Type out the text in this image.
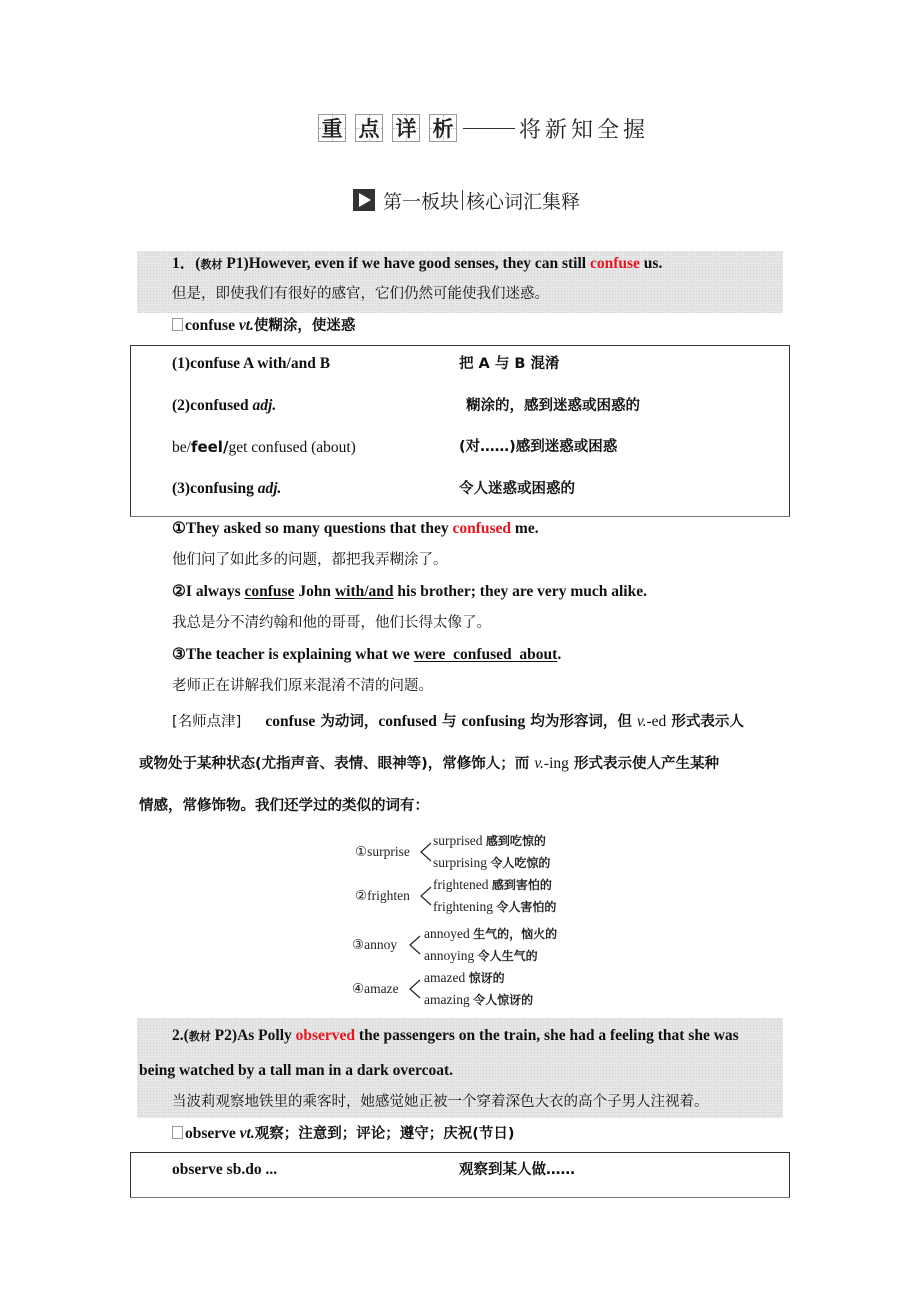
重 点 详 析	将新知全握
第一板块 核心词汇集释
1．(教材 P1)However, even if we have good senses, they can still confuse us.
但是，即使我们有很好的感官，它们仍然可能使我们迷惑。
confuse vt.使糊涂，使迷惑
(1)confuse A with/and B	把 A 与 B 混淆
(2)confused adj.	糊涂的，感到迷惑或困惑的
be/feel/get confused (about)	(对……)感到迷惑或困惑
(3)confusing adj.	令人迷惑或困惑的
①They asked so many questions that they confused me.
他们问了如此多的问题，都把我弄糊涂了。
②I always confuse John with/and his brother; they are very much alike.
我总是分不清约翰和他的哥哥，他们长得太像了。
③The teacher is explaining what we were  confused  about.
老师正在讲解我们原来混淆不清的问题。
[名师点津] confuse 为动词，confused 与 confusing 均为形容词，但 v.-ed 形式表示人
或物处于某种状态(尤指声音、表情、眼神等)，常修饰人；而 v.-ing 形式表示使人产生某种
情感，常修饰物。我们还学过的类似的词有：
①surprise
surprised 感到吃惊的
surprising 令人吃惊的
②frighten
frightened 感到害怕的
frightening 令人害怕的
③annoy
annoyed 生气的，恼火的
annoying 令人生气的
④amaze
amazed 惊讶的
amazing 令人惊讶的
2.(教材 P2)As Polly observed the passengers on the train, she had a feeling that she was
being watched by a tall man in a dark overcoat.
当波莉观察地铁里的乘客时，她感觉她正被一个穿着深色大衣的高个子男人注视着。
observe vt.观察；注意到；评论；遵守；庆祝(节日)
observe sb.do ...	观察到某人做……
